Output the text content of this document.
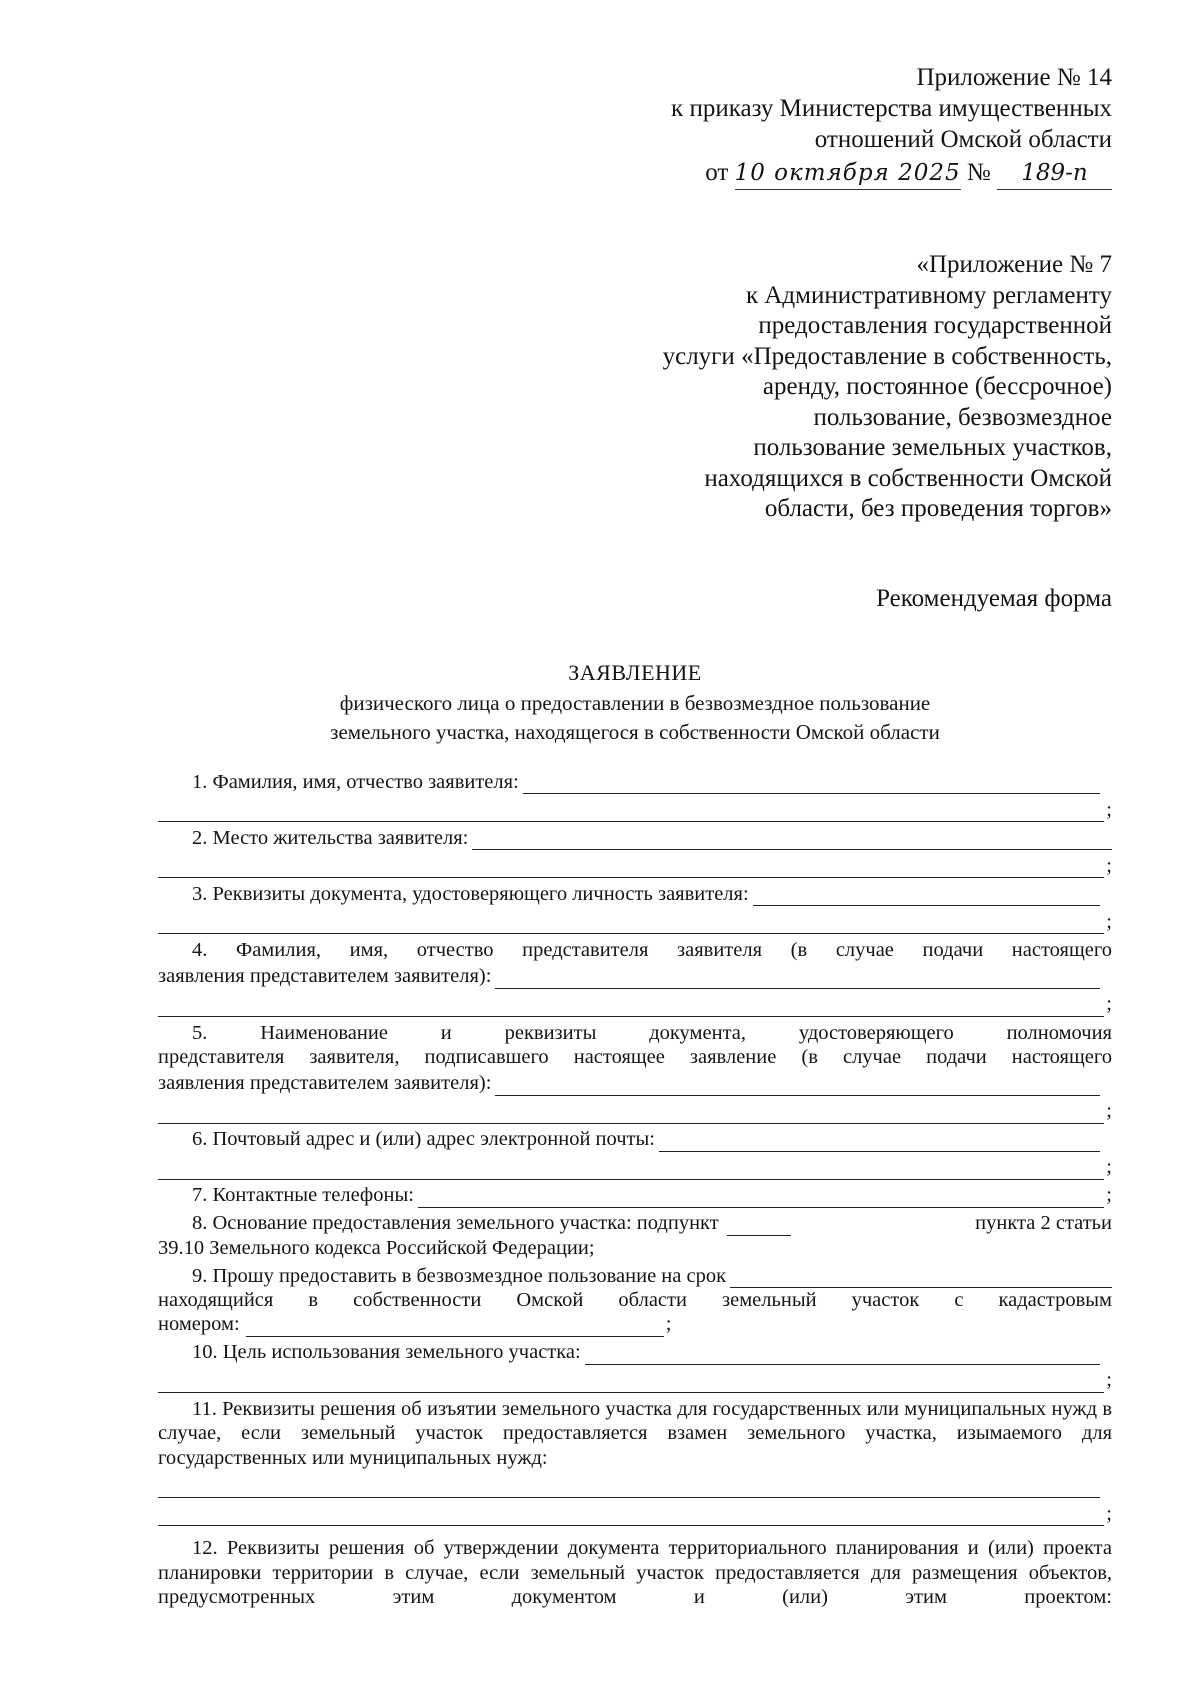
Приложение № 14
к приказу Министерства имущественных
отношений Омской области
от 10 октября 2025 № 189-п
«Приложение № 7
к Административному регламенту
предоставления государственной
услуги «Предоставление в собственность,
аренду, постоянное (бессрочное)
пользование, безвозмездное
пользование земельных участков,
находящихся в собственности Омской
области, без проведения торгов»
Рекомендуемая форма
ЗАЯВЛЕНИЕ
физического лица о предоставлении в безвозмездное пользование
земельного участка, находящегося в собственности Омской области
1. Фамилия, имя, отчество заявителя:
;
2. Место жительства заявителя:
;
3. Реквизиты документа, удостоверяющего личность заявителя:
;
4. Фамилия, имя, отчество представителя заявителя (в случае подачи настоящего
заявления представителем заявителя):
;
5. Наименование и реквизиты документа, удостоверяющего полномочия
представителя заявителя, подписавшего настоящее заявление (в случае подачи настоящего
заявления представителем заявителя):
;
6. Почтовый адрес и (или) адрес электронной почты:
;
7. Контактные телефоны:	;
8. Основание предоставления земельного участка: подпункт	пункта 2 статьи
39.10 Земельного кодекса Российской Федерации;
9. Прошу предоставить в безвозмездное пользование на срок
находящийся в собственности Омской области земельный участок с кадастровым
номером:	;
10. Цель использования земельного участка:
;
11. Реквизиты решения об изъятии земельного участка для государственных или муниципальных нужд в случае, если земельный участок предоставляется взамен земельного участка, изымаемого для государственных или муниципальных нужд:
;
12. Реквизиты решения об утверждении документа территориального планирования и (или) проекта планировки территории в случае, если земельный участок предоставляется для размещения объектов, предусмотренных этим документом и (или) этим проектом:
